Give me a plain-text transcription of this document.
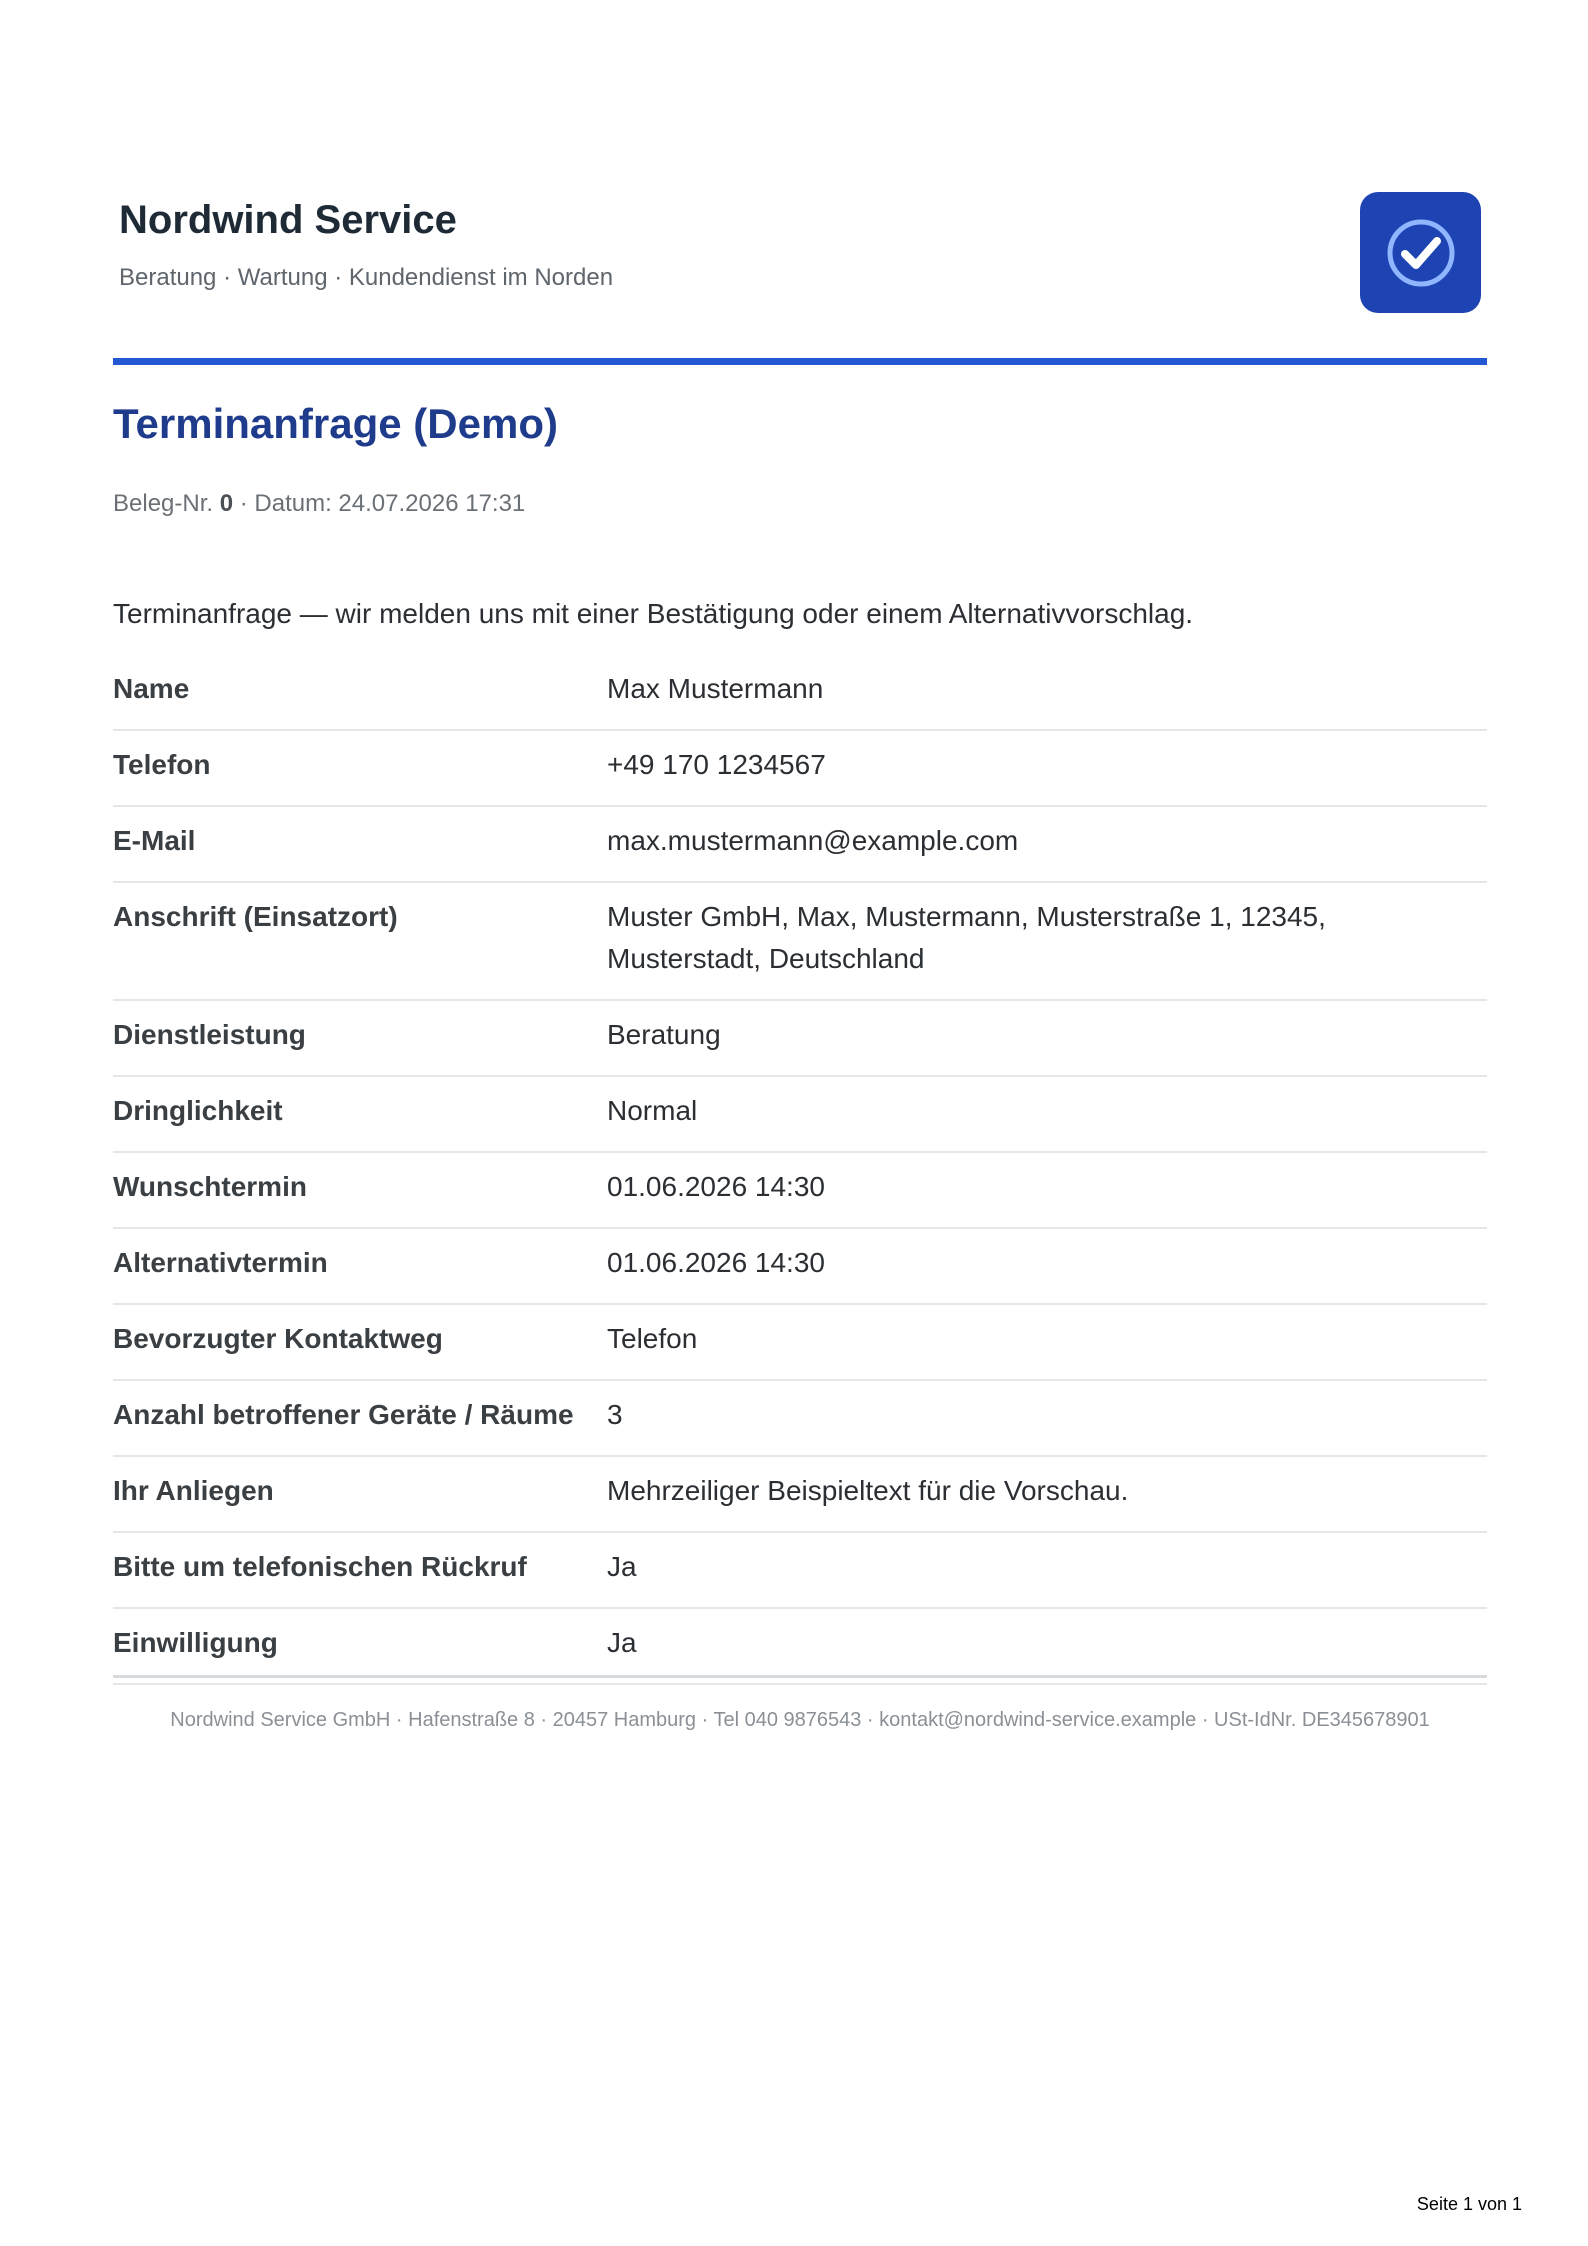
Nordwind Service
Beratung · Wartung · Kundendienst im Norden
Terminanfrage (Demo)
Beleg-Nr. 0 · Datum: 24.07.2026 17:31
Terminanfrage — wir melden uns mit einer Bestätigung oder einem Alternativvorschlag.
Name	Max Mustermann
Telefon	+49 170 1234567
E-Mail	max.mustermann@example.com
Anschrift (Einsatzort)	Muster GmbH, Max, Mustermann, Musterstraße 1, 12345,
Musterstadt, Deutschland
Dienstleistung	Beratung
Dringlichkeit	Normal
Wunschtermin	01.06.2026 14:30
Alternativtermin	01.06.2026 14:30
Bevorzugter Kontaktweg	Telefon
Anzahl betroffener Geräte / Räume	3
Ihr Anliegen	Mehrzeiliger Beispieltext für die Vorschau.
Bitte um telefonischen Rückruf	Ja
Einwilligung	Ja
Nordwind Service GmbH · Hafenstraße 8 · 20457 Hamburg · Tel 040 9876543 · kontakt@nordwind-service.example · USt-IdNr. DE345678901
Seite 1 von 1
